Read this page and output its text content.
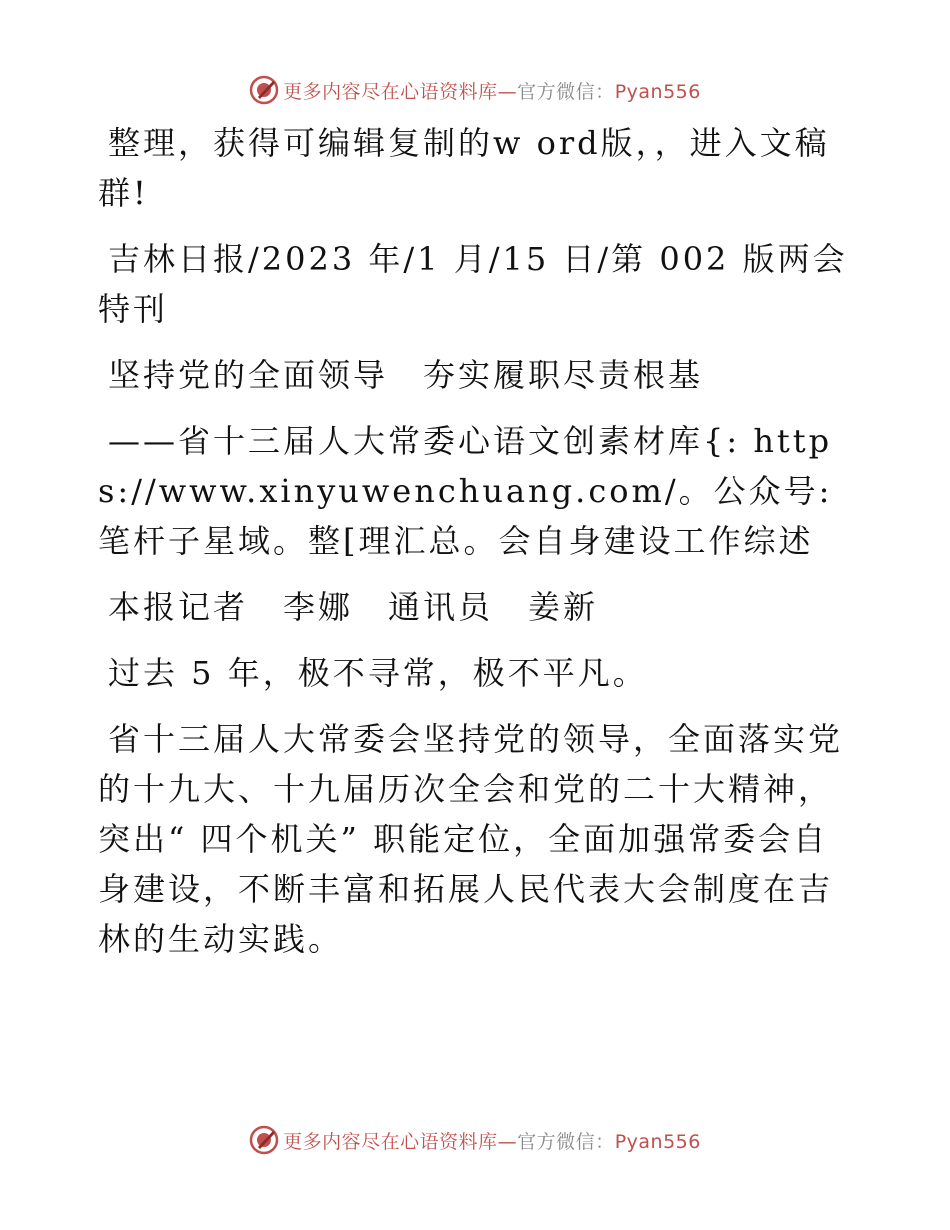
更多内容尽在心语资料库—官方微信：Pyan556

整理，获得可编辑复制的w ord版，，进入文稿群!

吉林日报/2023 年/1 月/15 日/第 002 版两会特刊

坚持党的全面领导　夯实履职尽责根基

——省十三届人大常委心语文创素材库{: https://www.xinyuwenchuang.com/。公众号: 笔杆子星域。整[理汇总。会自身建设工作综述

本报记者　李娜　通讯员　姜新

过去 5 年，极不寻常，极不平凡。

省十三届人大常委会坚持党的领导，全面落实党的十九大、十九届历次全会和党的二十大精神，突出“ 四个机关” 职能定位，全面加强常委会自身建设，不断丰富和拓展人民代表大会制度在吉林的生动实践。

更多内容尽在心语资料库—官方微信：Pyan556
